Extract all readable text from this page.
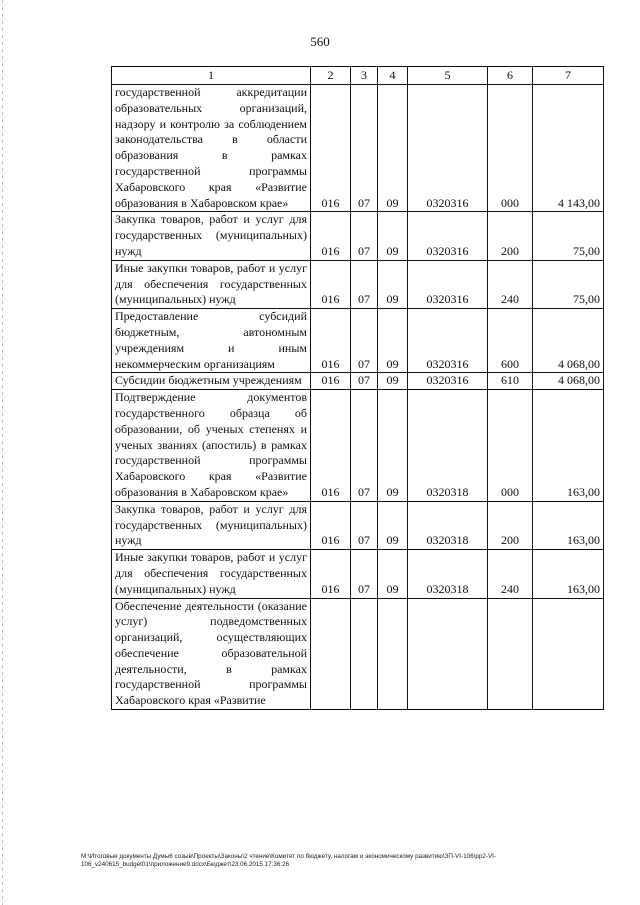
560
1	2	3	4	5	6	7
государственной аккредитации образовательных организаций, надзору и контролю за соблюдением законодательства в области образования в рамках государственной программы Хабаровского края «Развитие образования в Хабаровском крае»	016	07	09	0320316	000	4 143,00
Закупка товаров, работ и услуг для государственных (муниципальных) нужд	016	07	09	0320316	200	75,00
Иные закупки товаров, работ и услуг для обеспечения государственных (муниципальных) нужд	016	07	09	0320316	240	75,00
Предоставление субсидий бюджетным, автономным учреждениям и иным некоммерческим организациям	016	07	09	0320316	600	4 068,00
Субсидии бюджетным учреждениям	016	07	09	0320316	610	4 068,00
Подтверждение документов государственного образца об образовании, об ученых степенях и ученых званиях (апостиль) в рамках государственной программы Хабаровского края «Развитие образования в Хабаровском крае»	016	07	09	0320318	000	163,00
Закупка товаров, работ и услуг для государственных (муниципальных) нужд	016	07	09	0320318	200	163,00
Иные закупки товаров, работ и услуг для обеспечения государственных (муниципальных) нужд	016	07	09	0320318	240	163,00
Обеспечение деятельности (оказание услуг) подведомственных организаций, осуществляющих обеспечение образовательной деятельности, в рамках государственной программы Хабаровского края «Развитие						
M:\Итоговые документы Думы6 созыв\Проекты\Законы\2 чтение\Комитет по бюджету, налогам и экономическому развитию\ЗП-VI-106\pp2-VI-106_v240615_budget01\приложение9.docx\Бюджет\23.06.2015 17:36:26
